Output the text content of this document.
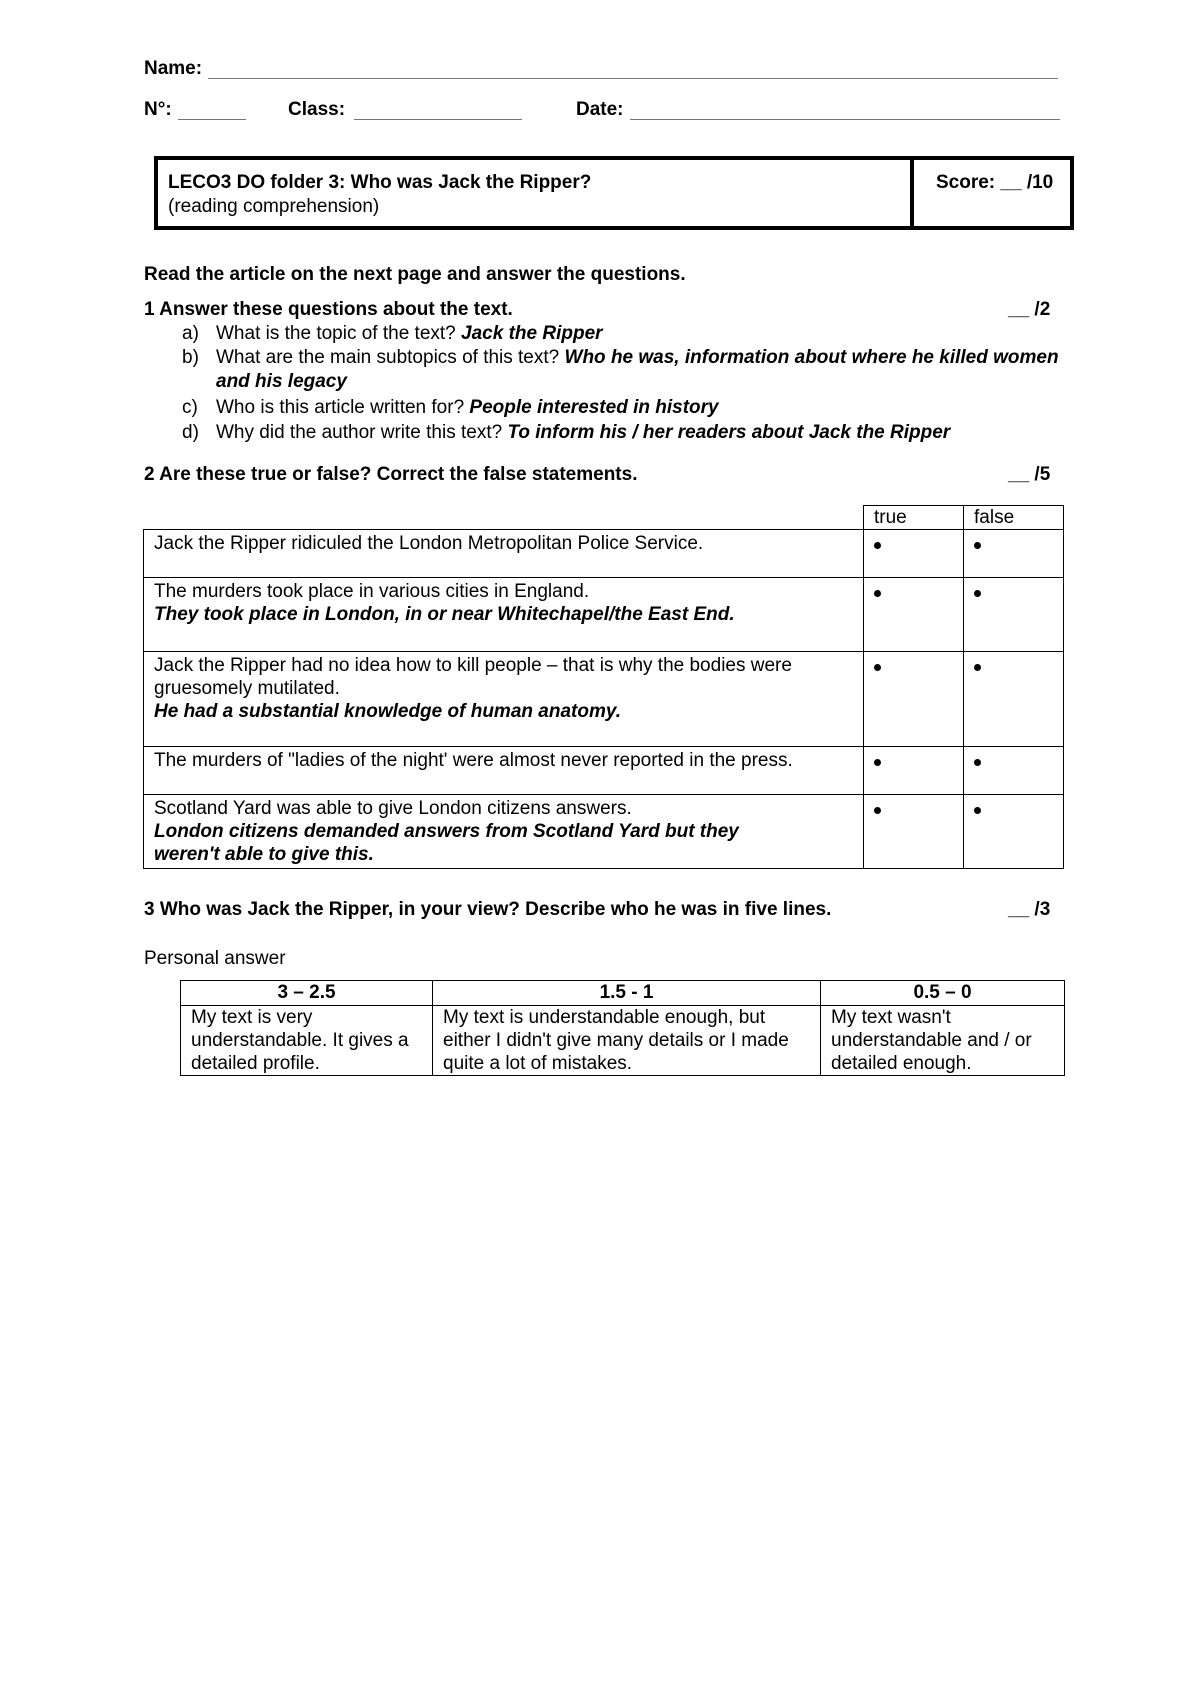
Name:
N°:	Class:	Date:
LECO3 DO folder 3: Who was Jack the Ripper?
(reading comprehension)
Score: __ /10
Read the article on the next page and answer the questions.
1 Answer these questions about the text.	__ /2
a) What is the topic of the text? Jack the Ripper
b) What are the main subtopics of this text? Who he was, information about where he killed women and his legacy
c) Who is this article written for? People interested in history
d) Why did the author write this text? To inform his / her readers about Jack the Ripper
2 Are these true or false? Correct the false statements.	__ /5
	true	false

Jack the Ripper ridiculed the London Metropolitan Police Service.		

The murders took place in various cities in England.
They took place in London, in or near Whitechapel/the East End.		

Jack the Ripper had no idea how to kill people – that is why the bodies were gruesomely mutilated.
He had a substantial knowledge of human anatomy.		

The murders of "ladies of the night' were almost never reported in the press.		

Scotland Yard was able to give London citizens answers.
London citizens demanded answers from Scotland Yard but they weren't able to give this.		

3 Who was Jack the Ripper, in your view? Describe who he was in five lines.	__ /3
Personal answer
3 – 2.5	1.5 - 1	0.5 – 0
My text is very understandable. It gives a detailed profile.	My text is understandable enough, but either I didn't give many details or I made quite a lot of mistakes.	My text wasn't understandable and / or detailed enough.
